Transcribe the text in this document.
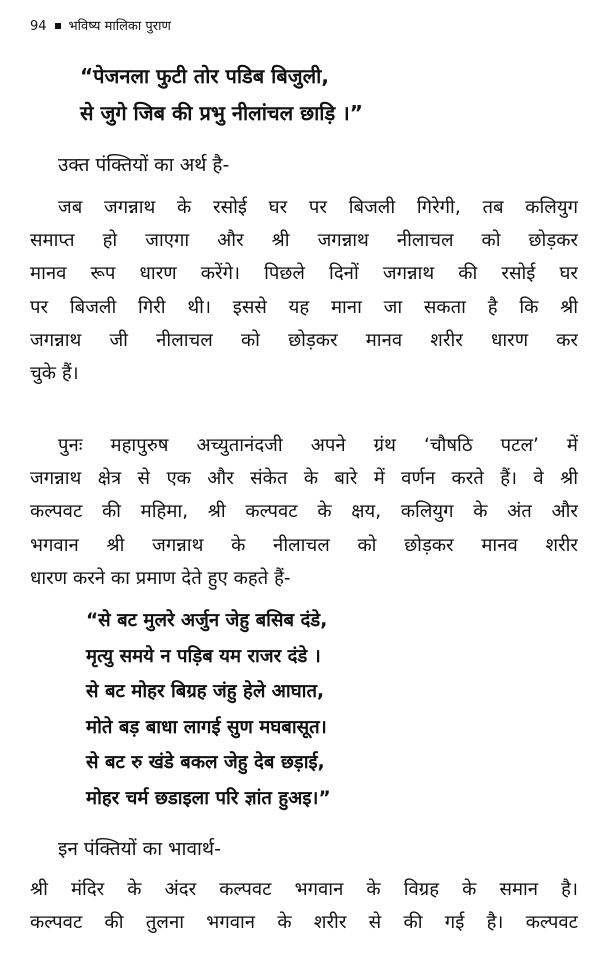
94 भविष्य मालिका पुराण
“पेजनला फुटी तोर पडिब बिजुली,
से जुगे जिब की प्रभु नीलांचल छाड़ि ।”
उक्त पंक्तियों का अर्थ है-
जब जगन्नाथ के रसोई घर पर बिजली गिरेगी, तब कलियुग
समाप्त हो जाएगा और श्री जगन्नाथ नीलाचल को छोड़कर
मानव रूप धारण करेंगे। पिछले दिनों जगन्नाथ की रसोई घर
पर बिजली गिरी थी। इससे यह माना जा सकता है कि श्री
जगन्नाथ जी नीलाचल को छोड़कर मानव शरीर धारण कर
चुके हैं।
पुनः महापुरुष अच्युतानंदजी अपने ग्रंथ ‘चौषठि पटल’ में
जगन्नाथ क्षेत्र से एक और संकेत के बारे में वर्णन करते हैं। वे श्री
कल्पवट की महिमा, श्री कल्पवट के क्षय, कलियुग के अंत और
भगवान श्री जगन्नाथ के नीलाचल को छोड़कर मानव शरीर
धारण करने का प्रमाण देते हुए कहते हैं-
“से बट मुलरे अर्जुन जेहु बसिब दंडे,
मृत्यु समये न पड़िब यम राजर दंडे ।
से बट मोहर बिग्रह जंहु हेले आघात,
मोते बड़ बाधा लागई सुण मघबासूत।
से बट रु खंडे बकल जेहु देब छड़ाई,
मोहर चर्म छडाइला परि ज्ञांत हुअइ।”
इन पंक्तियों का भावार्थ-
श्री मंदिर के अंदर कल्पवट भगवान के विग्रह के समान है।
कल्पवट की तुलना भगवान के शरीर से की गई है। कल्पवट
